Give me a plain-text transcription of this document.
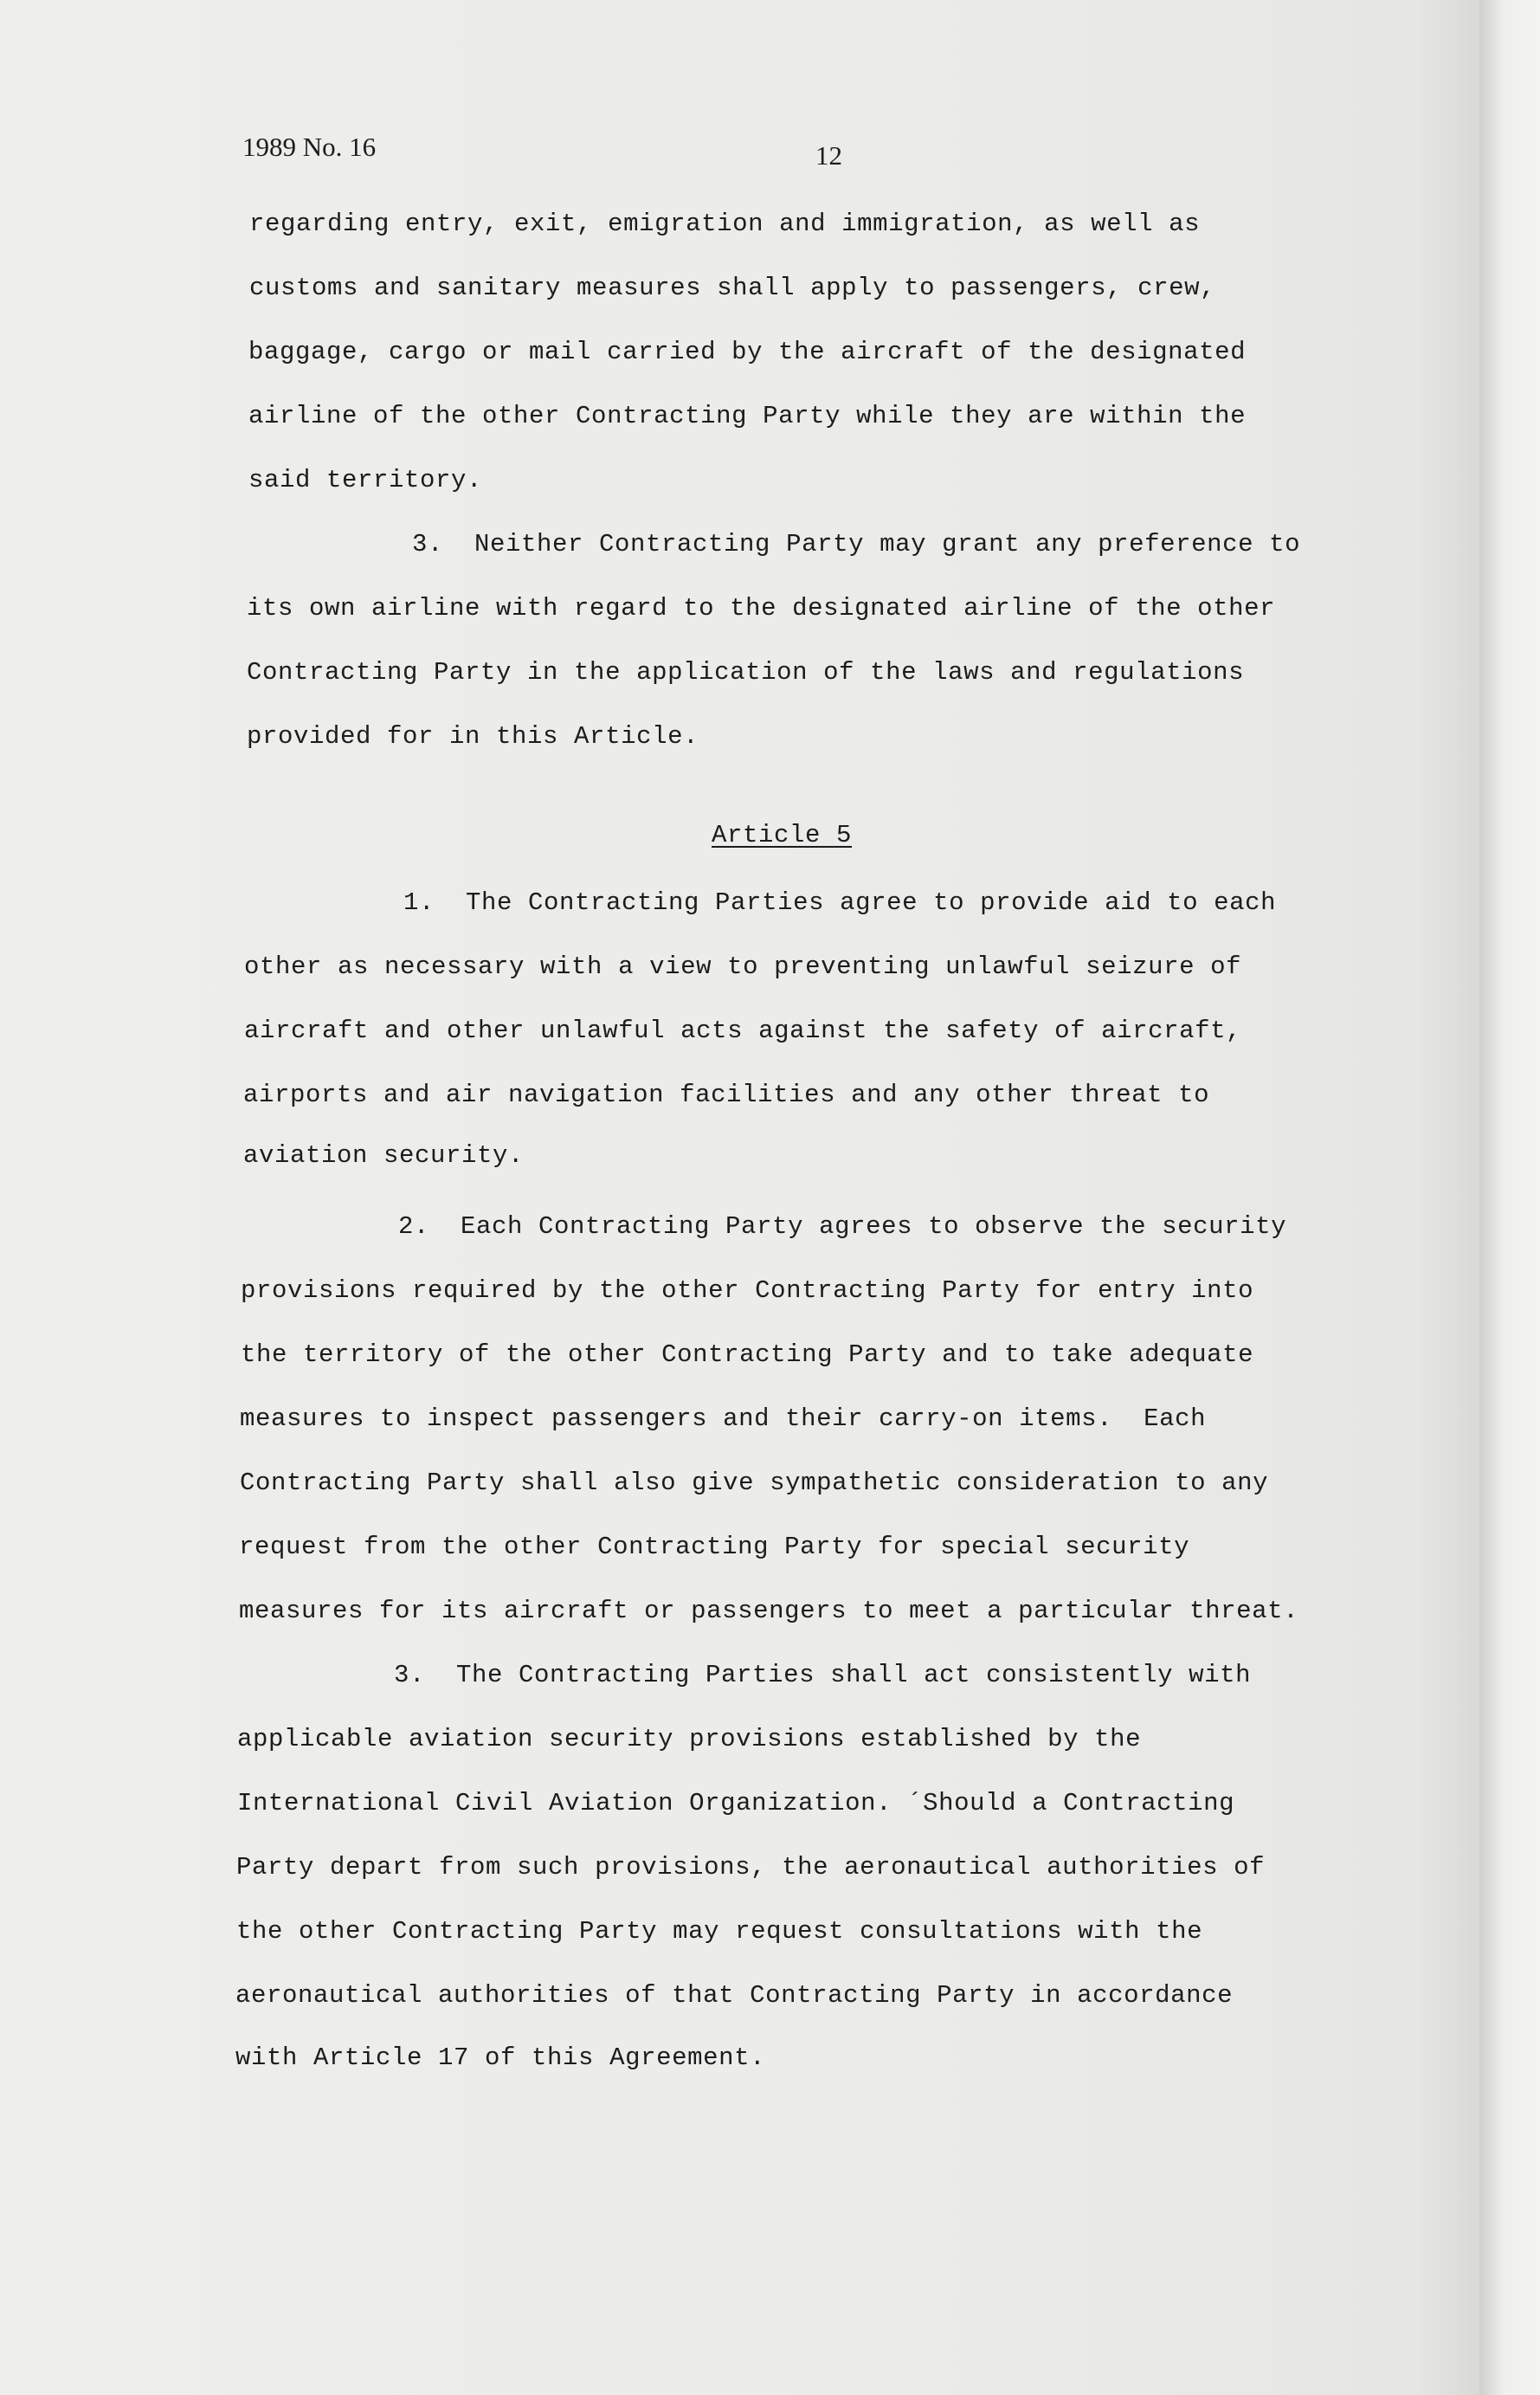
1989 No. 16	12
regarding entry, exit, emigration and immigration, as well as
customs and sanitary measures shall apply to passengers, crew,
baggage, cargo or mail carried by the aircraft of the designated
airline of the other Contracting Party while they are within the
said territory.
3.  Neither Contracting Party may grant any preference to
its own airline with regard to the designated airline of the other
Contracting Party in the application of the laws and regulations
provided for in this Article.
Article 5
1.  The Contracting Parties agree to provide aid to each
other as necessary with a view to preventing unlawful seizure of
aircraft and other unlawful acts against the safety of aircraft,
airports and air navigation facilities and any other threat to
aviation security.
2.  Each Contracting Party agrees to observe the security
provisions required by the other Contracting Party for entry into
the territory of the other Contracting Party and to take adequate
measures to inspect passengers and their carry-on items.  Each
Contracting Party shall also give sympathetic consideration to any
request from the other Contracting Party for special security
measures for its aircraft or passengers to meet a particular threat.
3.  The Contracting Parties shall act consistently with
applicable aviation security provisions established by the
International Civil Aviation Organization. ´Should a Contracting
Party depart from such provisions, the aeronautical authorities of
the other Contracting Party may request consultations with the
aeronautical authorities of that Contracting Party in accordance
with Article 17 of this Agreement.
